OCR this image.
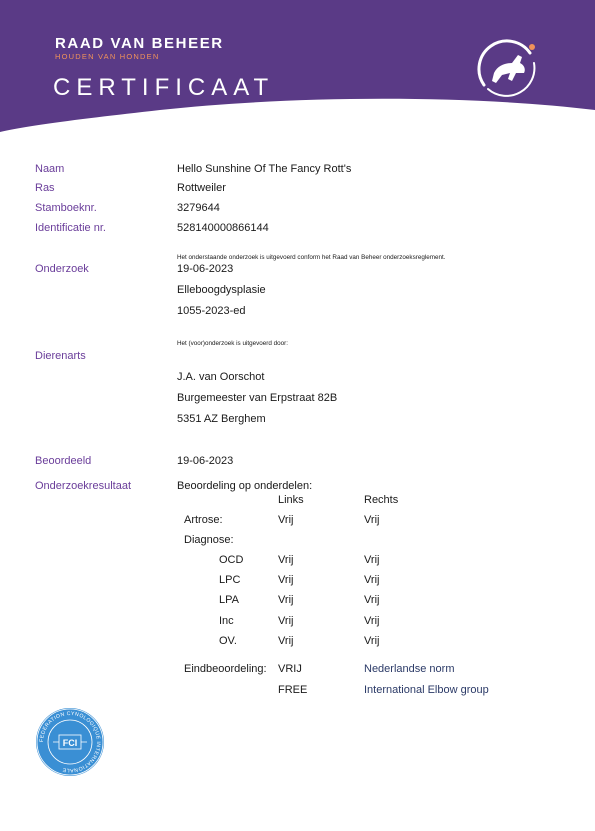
RAAD VAN BEHEER
HOUDEN VAN HONDEN
CERTIFICAAT
Naam	Hello Sunshine Of The Fancy Rott's
Ras	Rottweiler
Stamboeknr.	3279644
Identificatie nr.	528140000866144
Het onderstaande onderzoek is uitgevoerd conform het Raad van Beheer onderzoeksreglement.
Onderzoek	19-06-2023
Elleboogdysplasie
1055-2023-ed
Het (voor)onderzoek is uitgevoerd door:
Dierenarts
J.A. van Oorschot
Burgemeester van Erpstraat 82B
5351 AZ Berghem
Beoordeeld	19-06-2023
Onderzoekresultaat	Beoordeling op onderdelen:
Links	Rechts
Artrose:	Vrij	Vrij
Diagnose:
OCD	Vrij	Vrij
LPC	Vrij	Vrij
LPA	Vrij	Vrij
Inc	Vrij	Vrij
OV.	Vrij	Vrij
Eindbeoordeling: VRIJ	Nederlandse norm
FREE	International Elbow group
FEDERATION CYNOLOGIQUE INTERNATIONALE
FCI
